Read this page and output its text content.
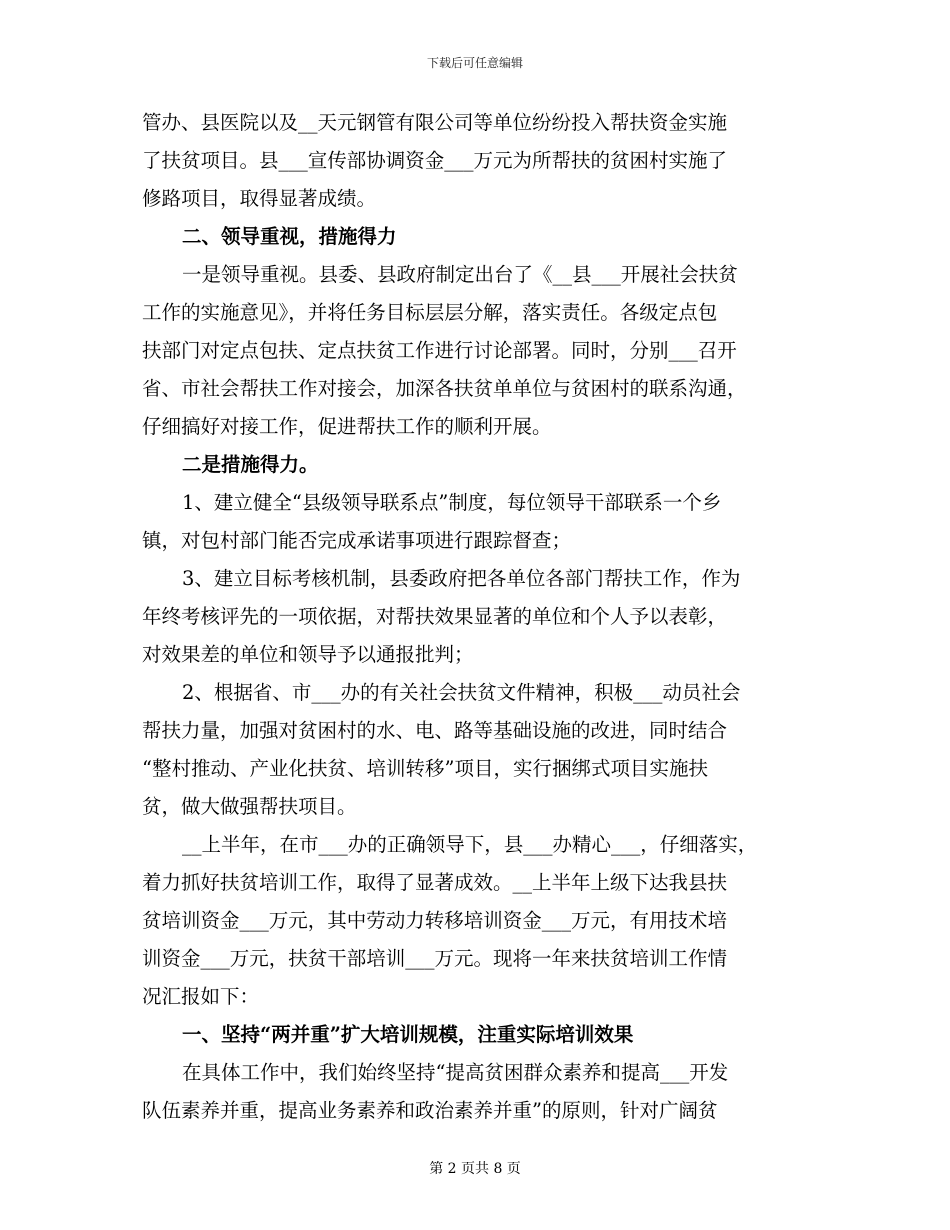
下载后可任意编辑
管办、县医院以及__天元钢管有限公司等单位纷纷投入帮扶资金实施
了扶贫项目。县___宣传部协调资金___万元为所帮扶的贫困村实施了
修路项目，取得显著成绩。
二、领导重视，措施得力
一是领导重视。县委、县政府制定出台了《__县___开展社会扶贫
工作的实施意见》，并将任务目标层层分解，落实责任。各级定点包
扶部门对定点包扶、定点扶贫工作进行讨论部署。同时，分别___召开
省、市社会帮扶工作对接会，加深各扶贫单单位与贫困村的联系沟通，
仔细搞好对接工作，促进帮扶工作的顺利开展。
二是措施得力。
1、建立健全“县级领导联系点”制度，每位领导干部联系一个乡
镇，对包村部门能否完成承诺事项进行跟踪督查；
3、建立目标考核机制，县委政府把各单位各部门帮扶工作，作为
年终考核评先的一项依据，对帮扶效果显著的单位和个人予以表彰，
对效果差的单位和领导予以通报批判；
2、根据省、市___办的有关社会扶贫文件精神，积极___动员社会
帮扶力量，加强对贫困村的水、电、路等基础设施的改进，同时结合
“整村推动、产业化扶贫、培训转移”项目，实行捆绑式项目实施扶
贫，做大做强帮扶项目。
__上半年，在市___办的正确领导下，县___办精心___，仔细落实，
着力抓好扶贫培训工作，取得了显著成效。__上半年上级下达我县扶
贫培训资金___万元，其中劳动力转移培训资金___万元，有用技术培
训资金___万元，扶贫干部培训___万元。现将一年来扶贫培训工作情
况汇报如下：
一、坚持“两并重”扩大培训规模，注重实际培训效果
在具体工作中，我们始终坚持“提高贫困群众素养和提高___开发
队伍素养并重，提高业务素养和政治素养并重”的原则，针对广阔贫
第 2 页共 8 页
